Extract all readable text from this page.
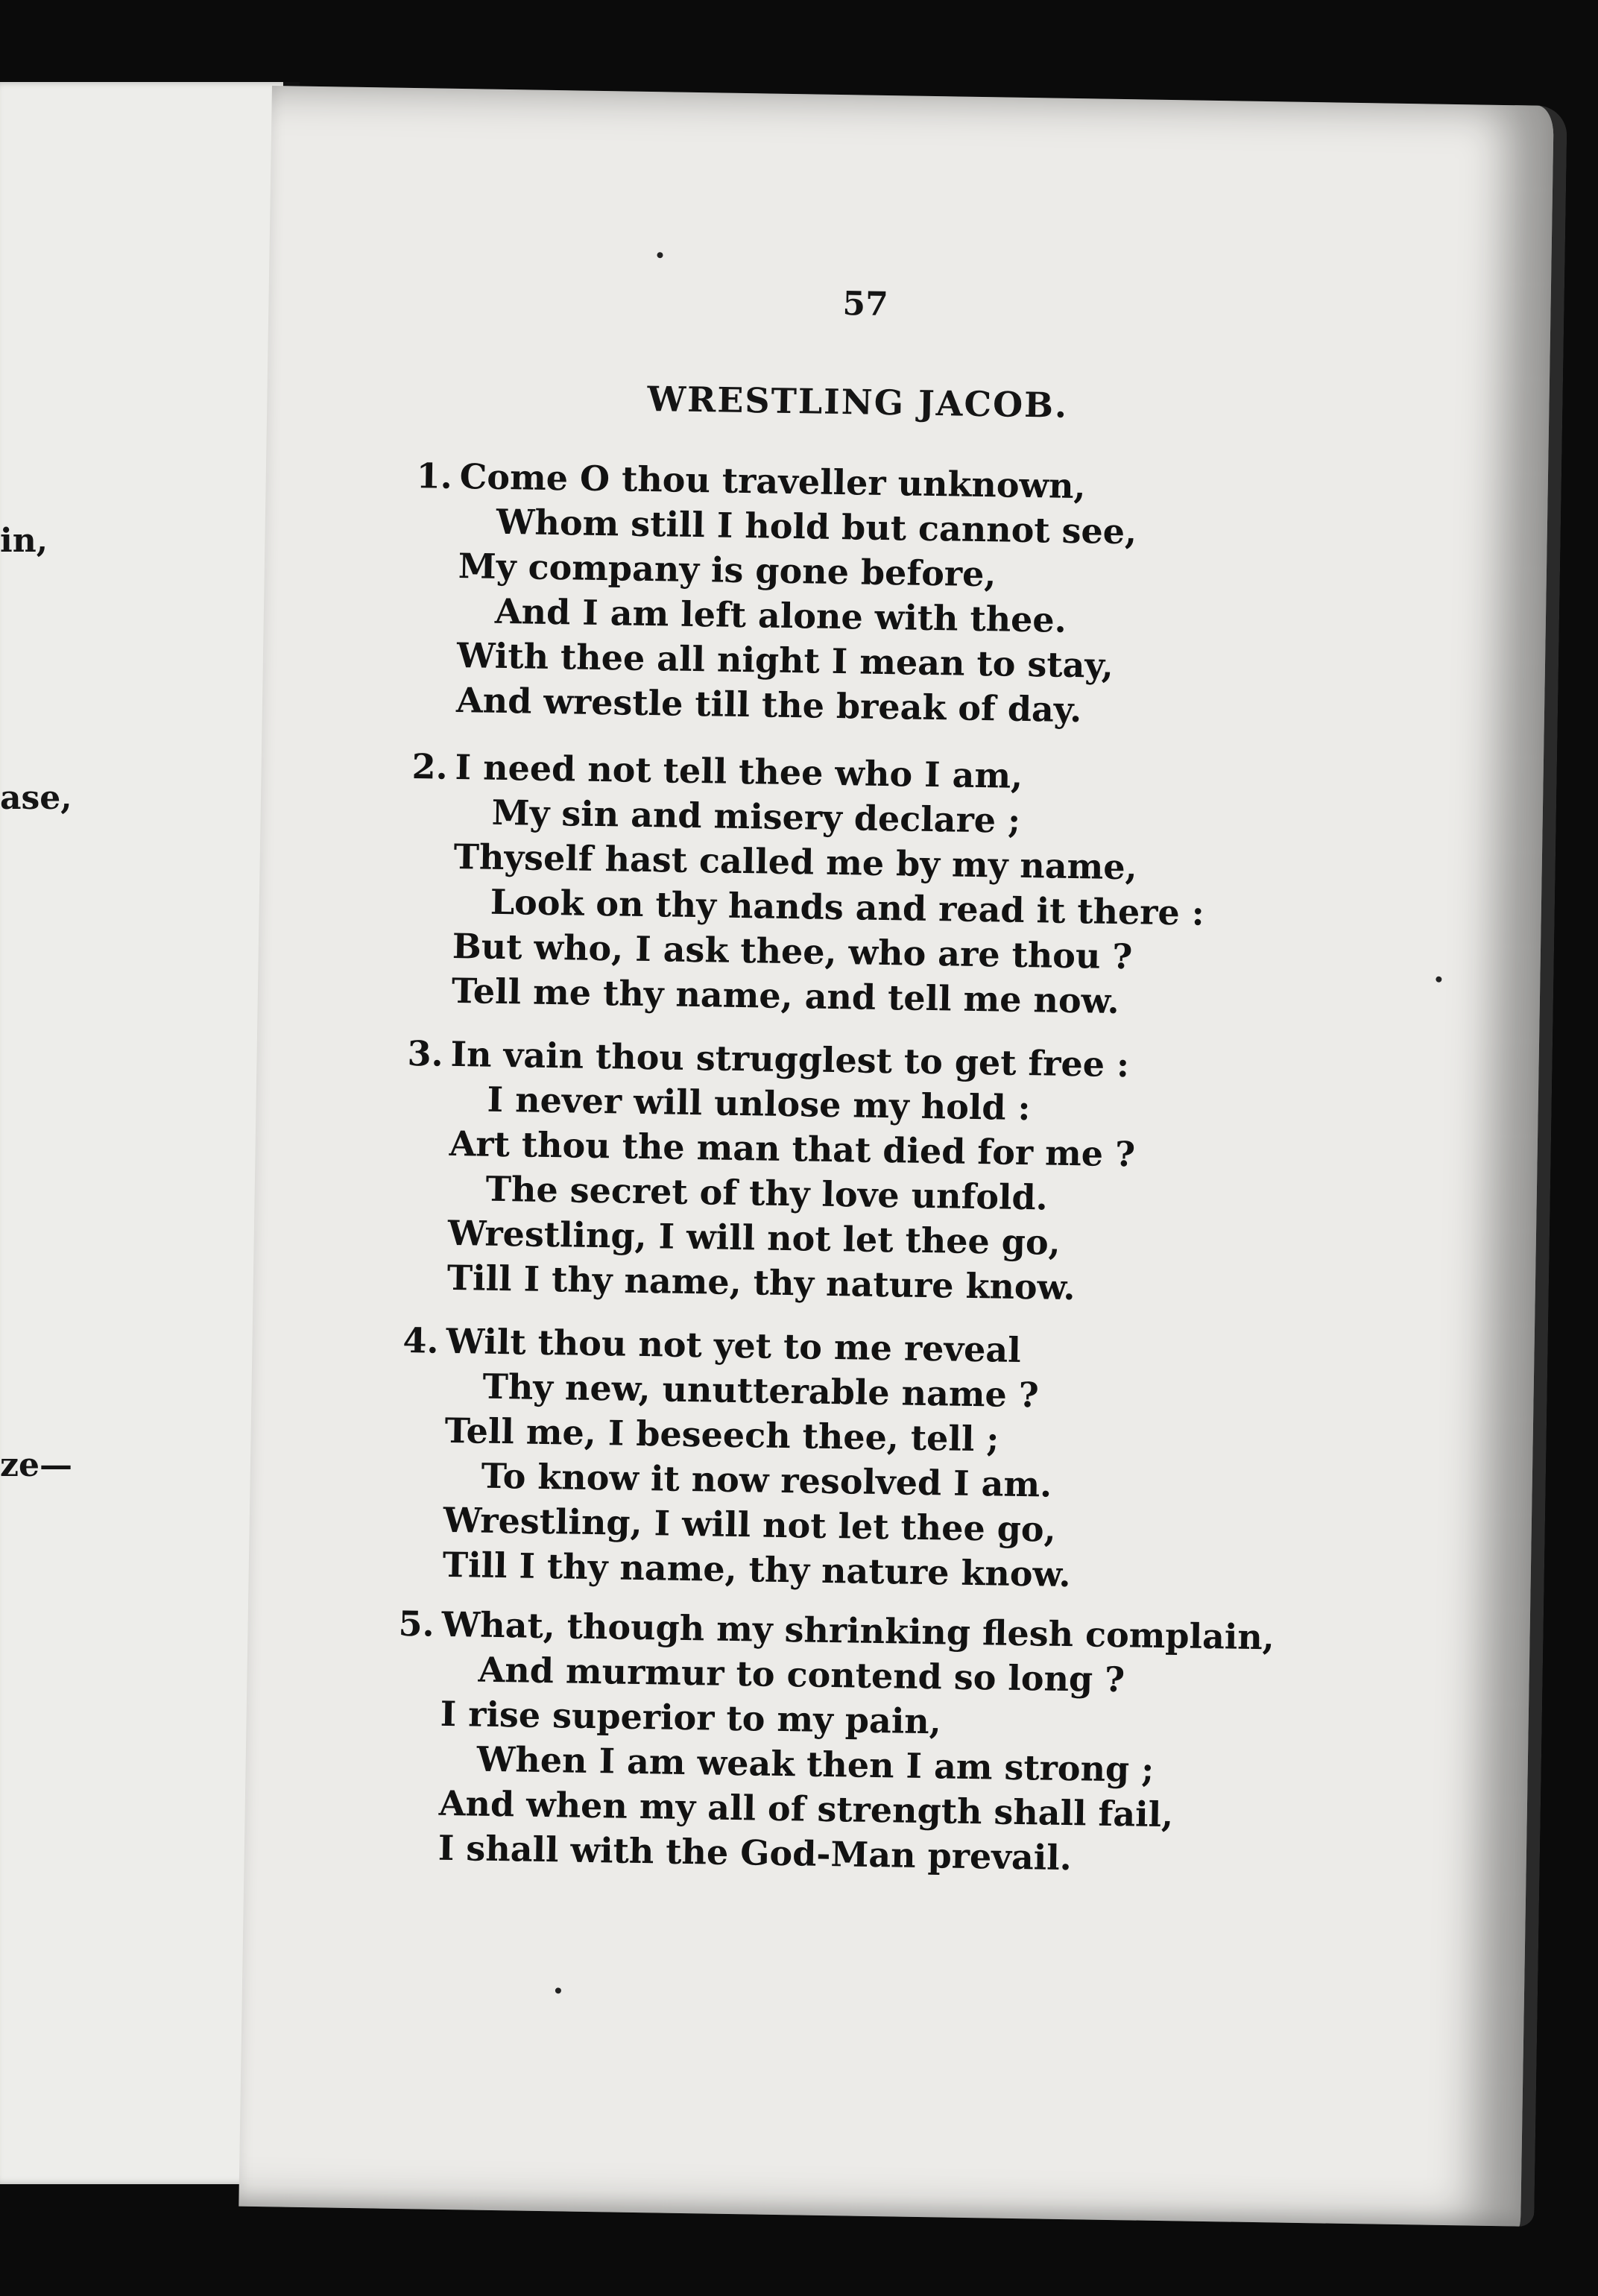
in,
ase,
ze—
57
WRESTLING JACOB.
1. Come O thou traveller unknown,
Whom still I hold but cannot see,
My company is gone before,
And I am left alone with thee.
With thee all night I mean to stay,
And wrestle till the break of day.
2. I need not tell thee who I am,
My sin and misery declare ;
Thyself hast called me by my name,
Look on thy hands and read it there :
But who, I ask thee, who are thou ?
Tell me thy name, and tell me now.
3. In vain thou strugglest to get free :
I never will unlose my hold :
Art thou the man that died for me ?
The secret of thy love unfold.
Wrestling, I will not let thee go,
Till I thy name, thy nature know.
4. Wilt thou not yet to me reveal
Thy new, unutterable name ?
Tell me, I beseech thee, tell ;
To know it now resolved I am.
Wrestling, I will not let thee go,
Till I thy name, thy nature know.
5. What, though my shrinking flesh complain,
And murmur to contend so long ?
I rise superior to my pain,
When I am weak then I am strong ;
And when my all of strength shall fail,
I shall with the God-Man prevail.
